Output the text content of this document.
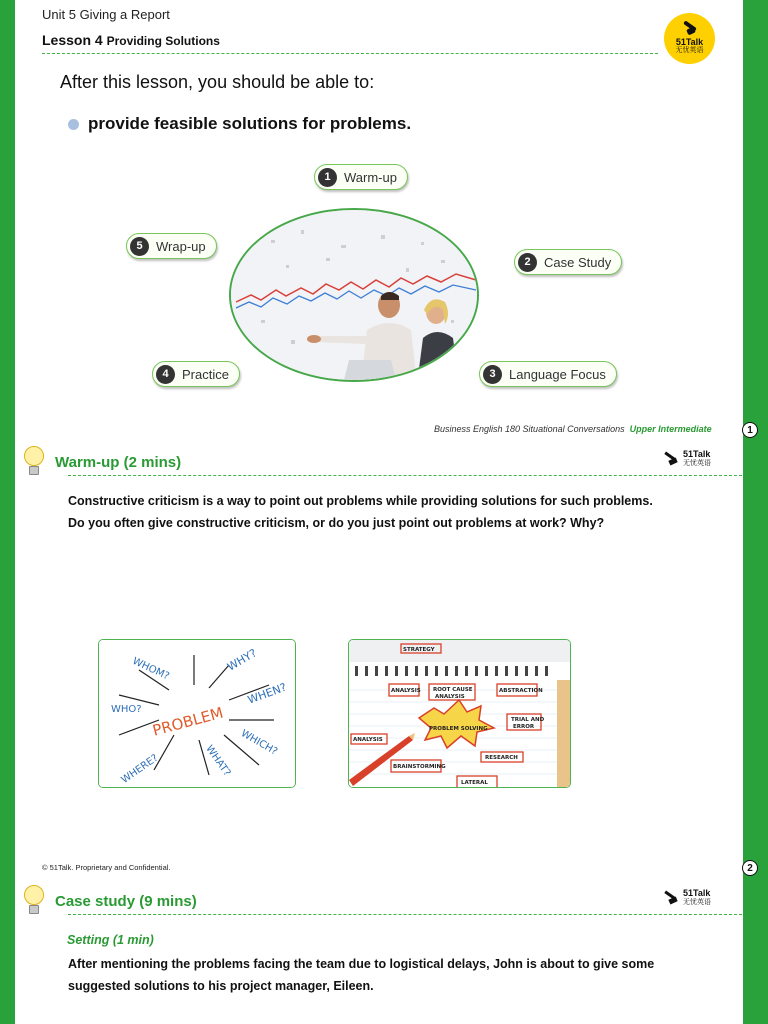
Unit 5 Giving a Report
Lesson 4 Providing Solutions	51Talk
无忧英语
After this lesson, you should be able to:
provide feasible solutions for problems.
1	Warm-up
2	Case Study
3	Language Focus
4	Practice
5	Wrap-up
Business English 180 Situational Conversations Upper Intermediate	1
Warm-up (2 mins)	51Talk
无忧英语
Constructive criticism is a way to point out problems while providing solutions for such problems.
Do you often give constructive criticism, or do you just point out problems at work? Why?
PROBLEM
WHOM?	WHY?
WHEN?
WHO?
WHICH?
WHAT?
WHERE?
STRATEGY
ANALYSIS ROOT CAUSE
ANALYSIS
ABSTRACTION
TRIAL AND
ERROR
ANALYSIS
PROBLEM SOLVING
RESEARCH
BRAINSTORMING
LATERAL
© 51Talk. Proprietary and Confidential.	2
Case study (9 mins)	51Talk
无忧英语
Setting (1 min)
After mentioning the problems facing the team due to logistical delays, John is about to give some
suggested solutions to his project manager, Eileen.
